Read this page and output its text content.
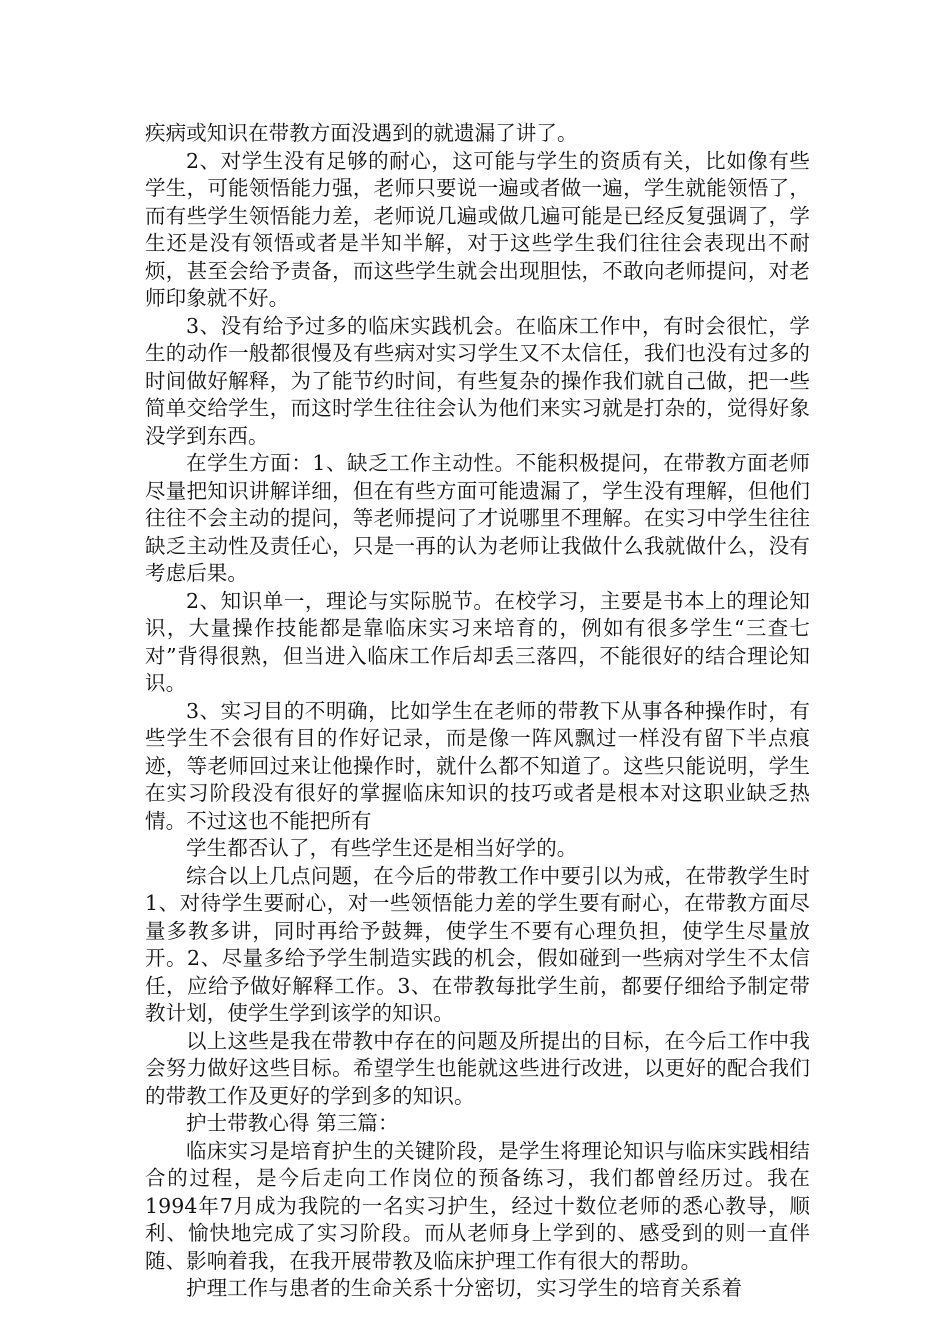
疾病或知识在带教方面没遇到的就遗漏了讲了。

2、对学生没有足够的耐心，这可能与学生的资质有关，比如像有些学生，可能领悟能力强，老师只要说一遍或者做一遍，学生就能领悟了，而有些学生领悟能力差，老师说几遍或做几遍可能是已经反复强调了，学生还是没有领悟或者是半知半解，对于这些学生我们往往会表现出不耐烦，甚至会给予责备，而这些学生就会出现胆怯，不敢向老师提问，对老师印象就不好。

3、没有给予过多的临床实践机会。在临床工作中，有时会很忙，学生的动作一般都很慢及有些病对实习学生又不太信任，我们也没有过多的时间做好解释，为了能节约时间，有些复杂的操作我们就自己做，把一些简单交给学生，而这时学生往往会认为他们来实习就是打杂的，觉得好象没学到东西。

在学生方面：1、缺乏工作主动性。不能积极提问，在带教方面老师尽量把知识讲解详细，但在有些方面可能遗漏了，学生没有理解，但他们往往不会主动的提问，等老师提问了才说哪里不理解。在实习中学生往往缺乏主动性及责任心，只是一再的认为老师让我做什么我就做什么，没有考虑后果。

2、知识单一，理论与实际脱节。在校学习，主要是书本上的理论知识，大量操作技能都是靠临床实习来培育的，例如有很多学生“三查七对”背得很熟，但当进入临床工作后却丢三落四，不能很好的结合理论知识。

3、实习目的不明确，比如学生在老师的带教下从事各种操作时，有些学生不会很有目的作好记录，而是像一阵风飘过一样没有留下半点痕迹，等老师回过来让他操作时，就什么都不知道了。这些只能说明，学生在实习阶段没有很好的掌握临床知识的技巧或者是根本对这职业缺乏热情。不过这也不能把所有

学生都否认了，有些学生还是相当好学的。

综合以上几点问题，在今后的带教工作中要引以为戒，在带教学生时1、对待学生要耐心，对一些领悟能力差的学生要有耐心，在带教方面尽量多教多讲，同时再给予鼓舞，使学生不要有心理负担，使学生尽量放开。2、尽量多给予学生制造实践的机会，假如碰到一些病对学生不太信任，应给予做好解释工作。3、在带教每批学生前，都要仔细给予制定带教计划，使学生学到该学的知识。

以上这些是我在带教中存在的问题及所提出的目标，在今后工作中我会努力做好这些目标。希望学生也能就这些进行改进，以更好的配合我们的带教工作及更好的学到多的知识。

护士带教心得 第三篇：

临床实习是培育护生的关键阶段，是学生将理论知识与临床实践相结合的过程，是今后走向工作岗位的预备练习，我们都曾经历过。我在1994年7月成为我院的一名实习护生，经过十数位老师的悉心教导，顺利、愉快地完成了实习阶段。而从老师身上学到的、感受到的则一直伴随、影响着我，在我开展带教及临床护理工作有很大的帮助。

护理工作与患者的生命关系十分密切，实习学生的培育关系着
